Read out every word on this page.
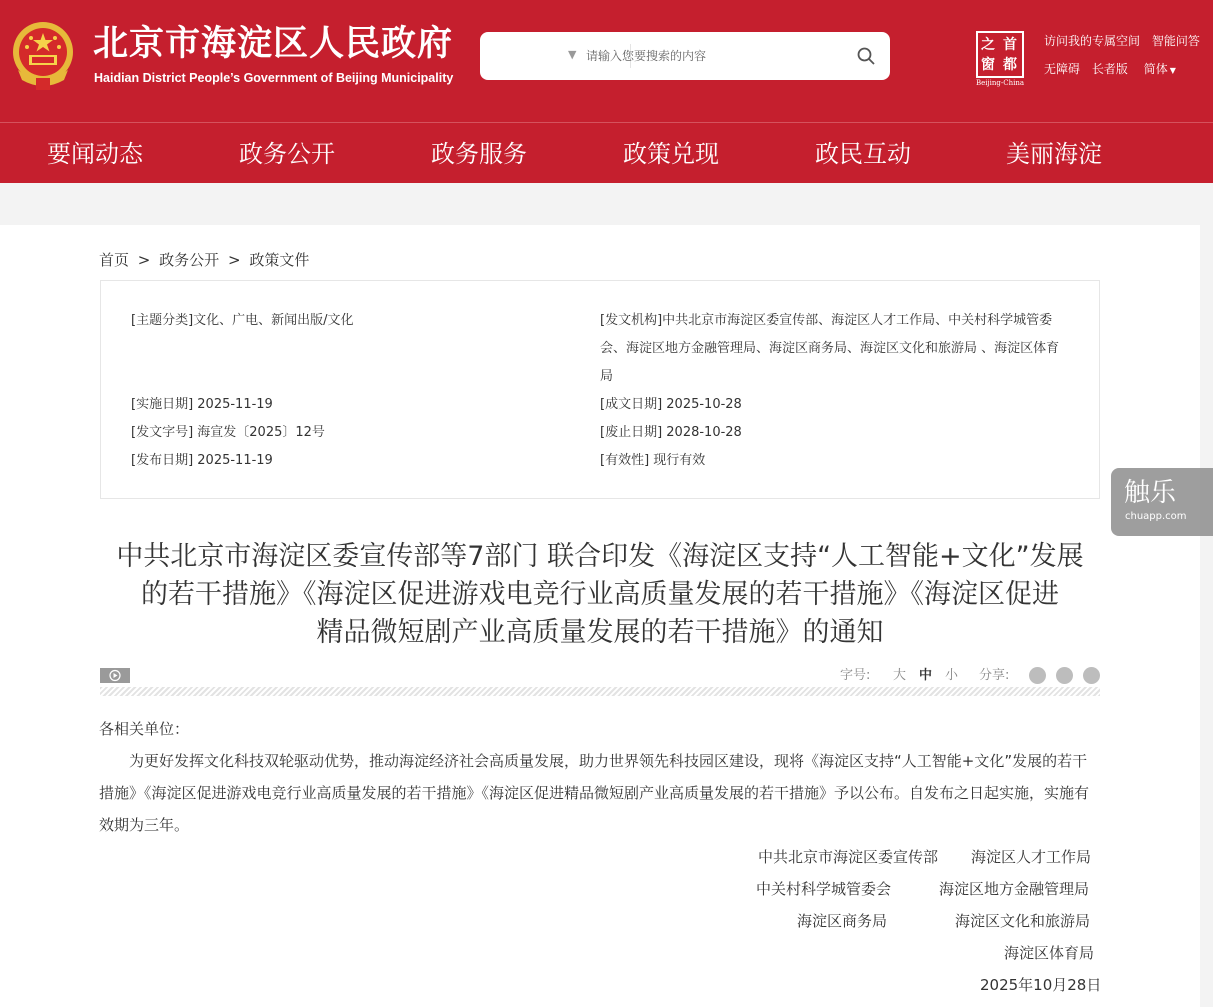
北京市海淀区人民政府
Haidian District People’s Government of Beijing Municipality
▼
请输入您要搜索的内容
之 首
窗 都
Beijing-China
访问我的专属空间 智能问答
无障碍 长者版 简体 ▼
要闻动态	政务公开	政务服务	政策兑现	政民互动	美丽海淀
首页 > 政务公开 > 政策文件
[主题分类]文化、广电、新闻出版/文化	[发文机构]中共北京市海淀区委宣传部、海淀区人才工作局、中关村科学城管委会、海淀区地方金融管理局、海淀区商务局、海淀区文化和旅游局 、海淀区体育局
[实施日期] 2025-11-19	[成文日期] 2025-10-28
[发文字号] 海宣发〔2025〕12号	[废止日期] 2028-10-28
[发布日期] 2025-11-19	[有效性] 现行有效
中共北京市海淀区委宣传部等7部门 联合印发《海淀区支持“人工智能+文化”发展
的若干措施》《海淀区促进游戏电竞行业高质量发展的若干措施》《海淀区促进
精品微短剧产业高质量发展的若干措施》的通知
字号: 大 中 小 分享:
各相关单位：
为更好发挥文化科技双轮驱动优势，推动海淀经济社会高质量发展，助力世界领先科技园区建设，现将《海淀区支持“人工智能+文化”发展的若干措施》《海淀区促进游戏电竞行业高质量发展的若干措施》《海淀区促进精品微短剧产业高质量发展的若干措施》予以公布。自发布之日起实施，实施有效期为三年。
中共北京市海淀区委宣传部 海淀区人才工作局
中关村科学城管委会	海淀区地方金融管理局
海淀区商务局	海淀区文化和旅游局
海淀区体育局
2025年10月28日
触乐
chuapp.com
